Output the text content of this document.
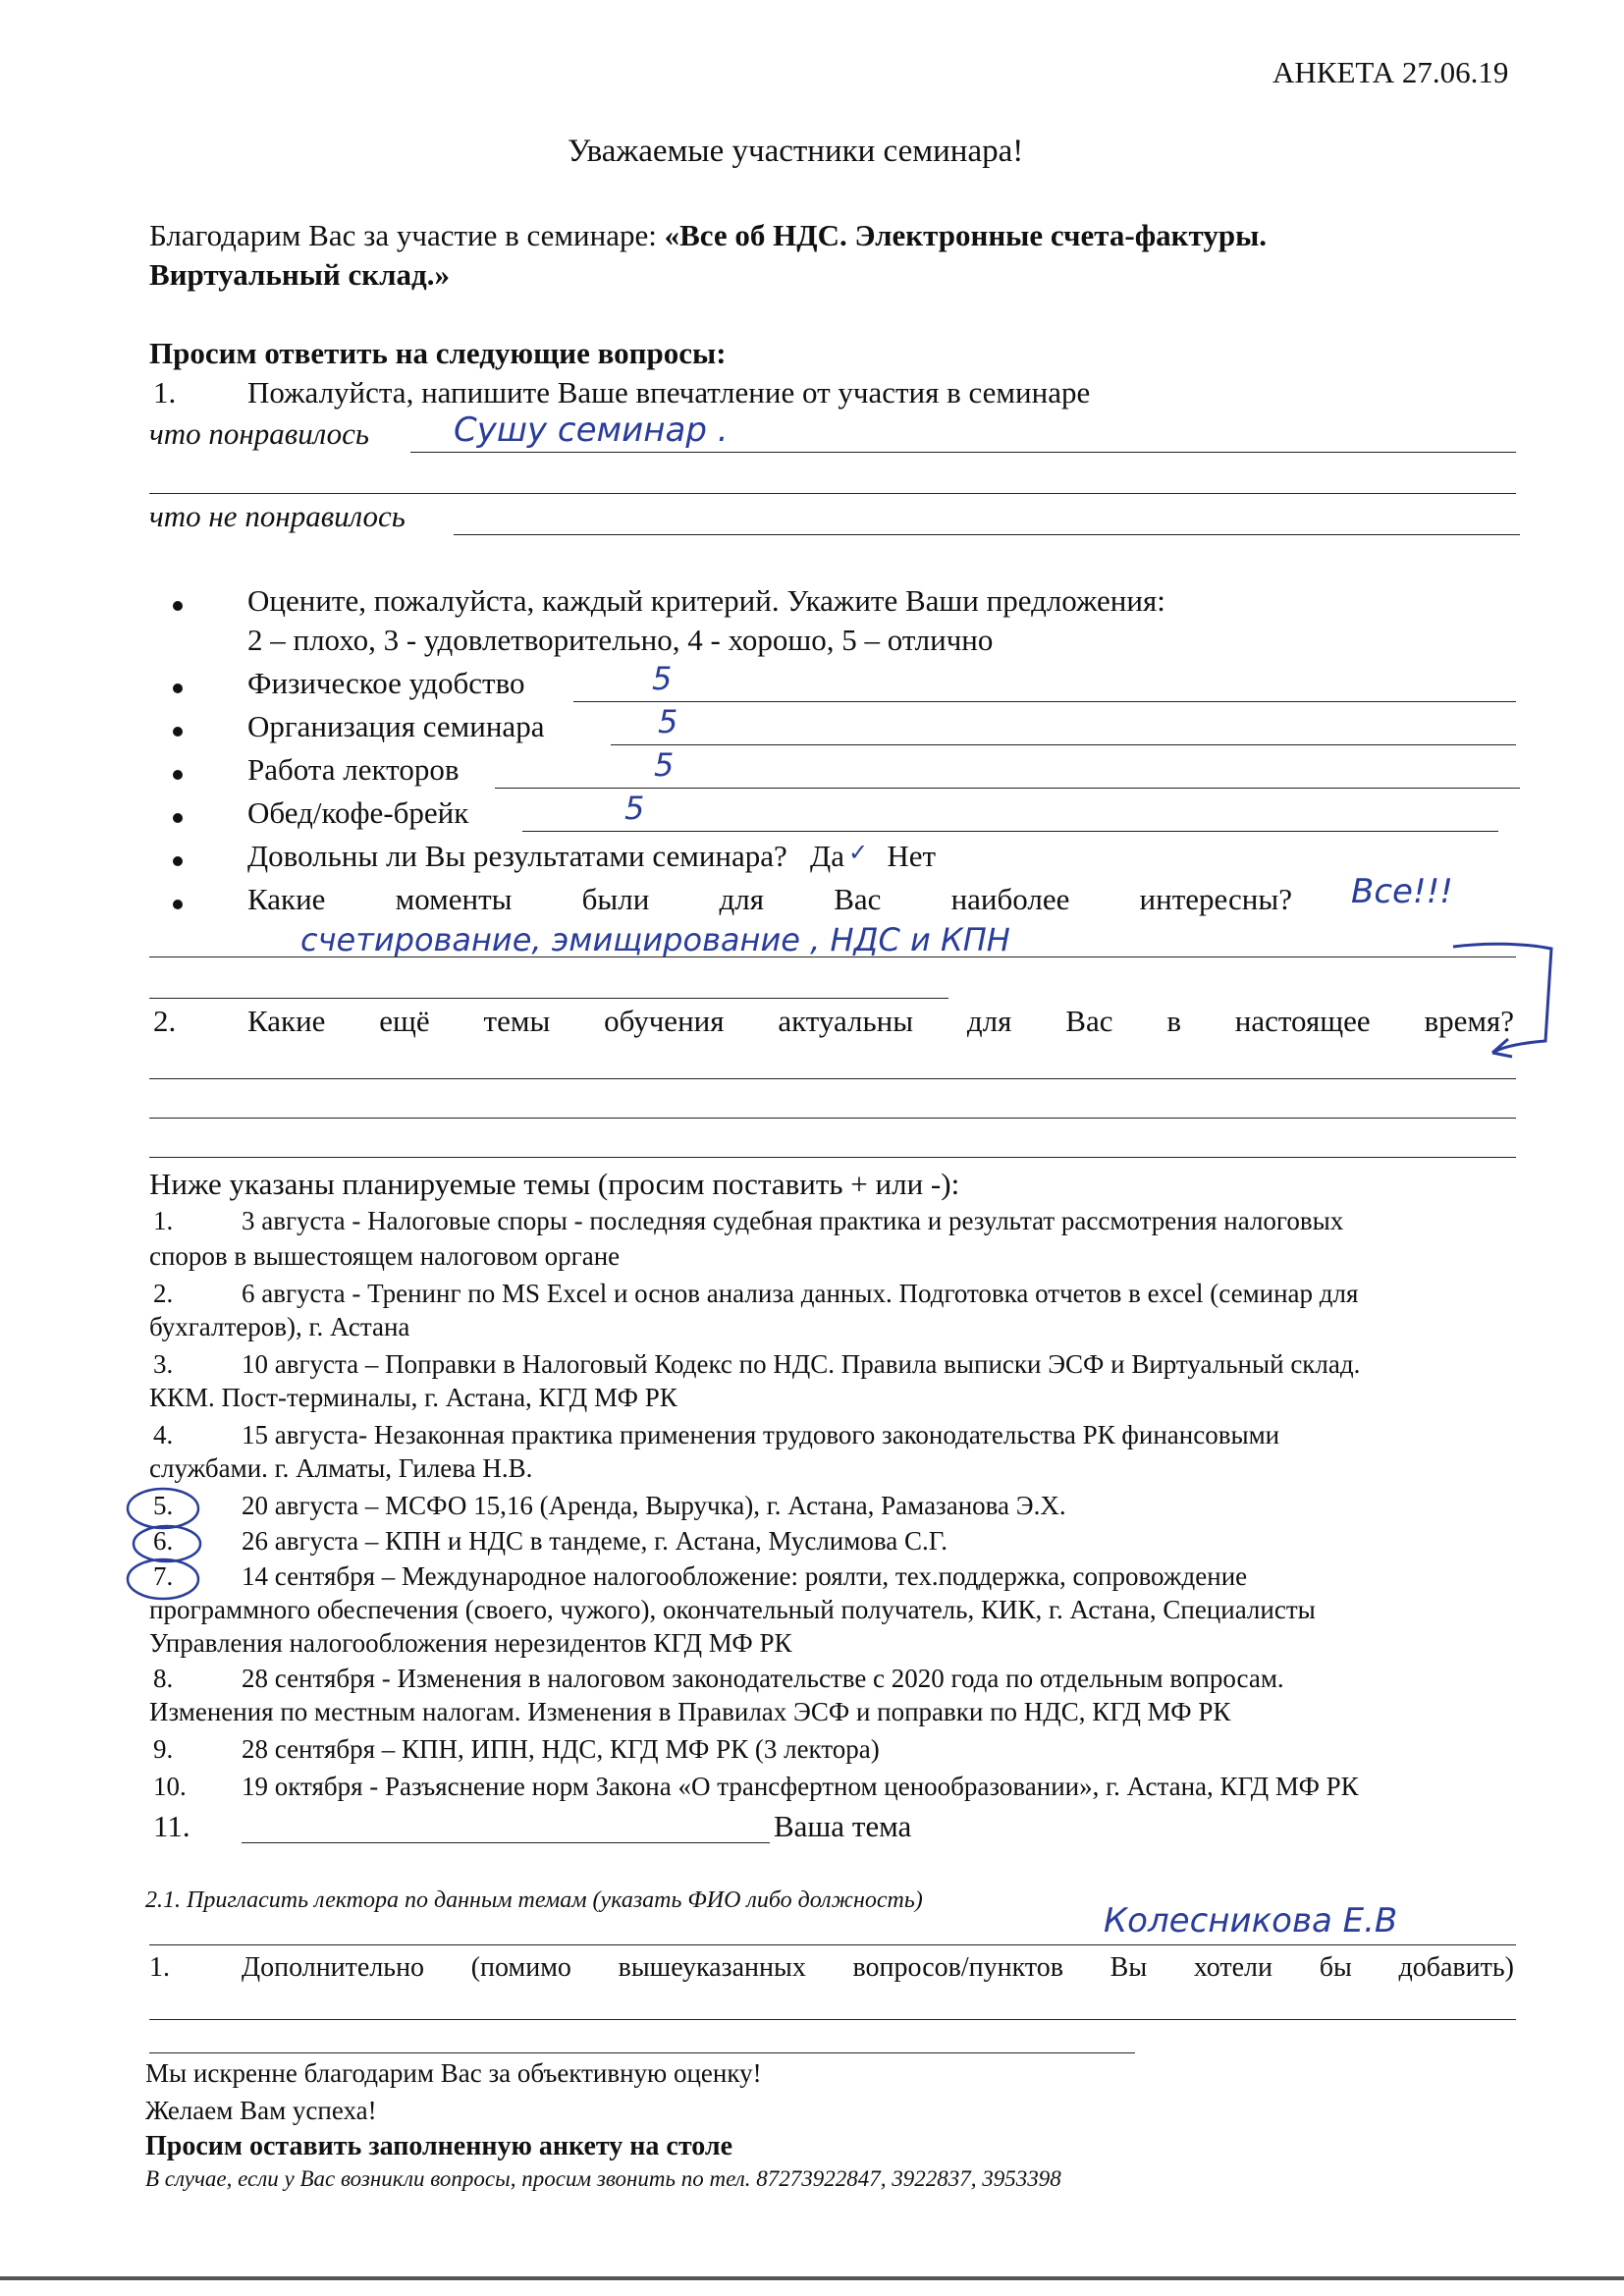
АНКЕТА 27.06.19
Уважаемые участники семинара!
Благодарим Вас за участие в семинаре: «Все об НДС. Электронные счета-фактуры.
Виртуальный склад.»
Просим ответить на следующие вопросы:
1. Пожалуйста, напишите Ваше впечатление от участия в семинаре
что понравилось	Сушу семинар .
что не понравилось
Оцените, пожалуйста, каждый критерий. Укажите Ваши предложения:
2 – плохо, 3 - удовлетворительно, 4 - хорошо, 5 – отлично
Физическое удобство	5
Организация семинара	5
Работа лекторов	5
Обед/кофе-брейк	5
Довольны ли Вы результатами семинара? Да ✓ Нет
Какие моменты были для Вас наиболее интересны? Все!!!
счетирование, эмищирование , НДС и КПН
2. Какие ещё темы обучения актуальны для Вас в настоящее время?
Ниже указаны планируемые темы (просим поставить + или -):
1.	3 августа - Налоговые споры - последняя судебная практика и результат рассмотрения налоговых
споров в вышестоящем налоговом органе
2.	6 августа - Тренинг по MS Excel и основ анализа данных. Подготовка отчетов в excel (семинар для
бухгалтеров), г. Астана
3.	10 августа – Поправки в Налоговый Кодекс по НДС. Правила выписки ЭСФ и Виртуальный склад.
ККМ. Пост-терминалы, г. Астана, КГД МФ РК
4.	15 августа- Незаконная практика применения трудового законодательства РК финансовыми
службами. г. Алматы, Гилева Н.В.
5.	20 августа – МСФО 15,16 (Аренда, Выручка), г. Астана, Рамазанова Э.Х.
6.	26 августа – КПН и НДС в тандеме, г. Астана, Муслимова С.Г.
7.	14 сентября – Международное налогообложение: роялти, тех.поддержка, сопровождение
программного обеспечения (своего, чужого), окончательный получатель, КИК, г. Астана, Специалисты
Управления налогообложения нерезидентов КГД МФ РК
8.	28 сентября - Изменения в налоговом законодательстве с 2020 года по отдельным вопросам.
Изменения по местным налогам. Изменения в Правилах ЭСФ и поправки по НДС, КГД МФ РК
9.	28 сентября – КПН, ИПН, НДС, КГД МФ РК (3 лектора)
10. 19 октября - Разъяснение норм Закона «О трансфертном ценообразовании», г. Астана, КГД МФ РК
11.	Ваша тема
2.1. Пригласить лектора по данным темам (указать ФИО либо должность)
Колесникова Е.В
1.	Дополнительно (помимо вышеуказанных вопросов/пунктов Вы хотели бы добавить)
Мы искренне благодарим Вас за объективную оценку!
Желаем Вам успеха!
Просим оставить заполненную анкету на столе
В случае, если у Вас возникли вопросы, просим звонить по тел. 87273922847, 3922837, 3953398
